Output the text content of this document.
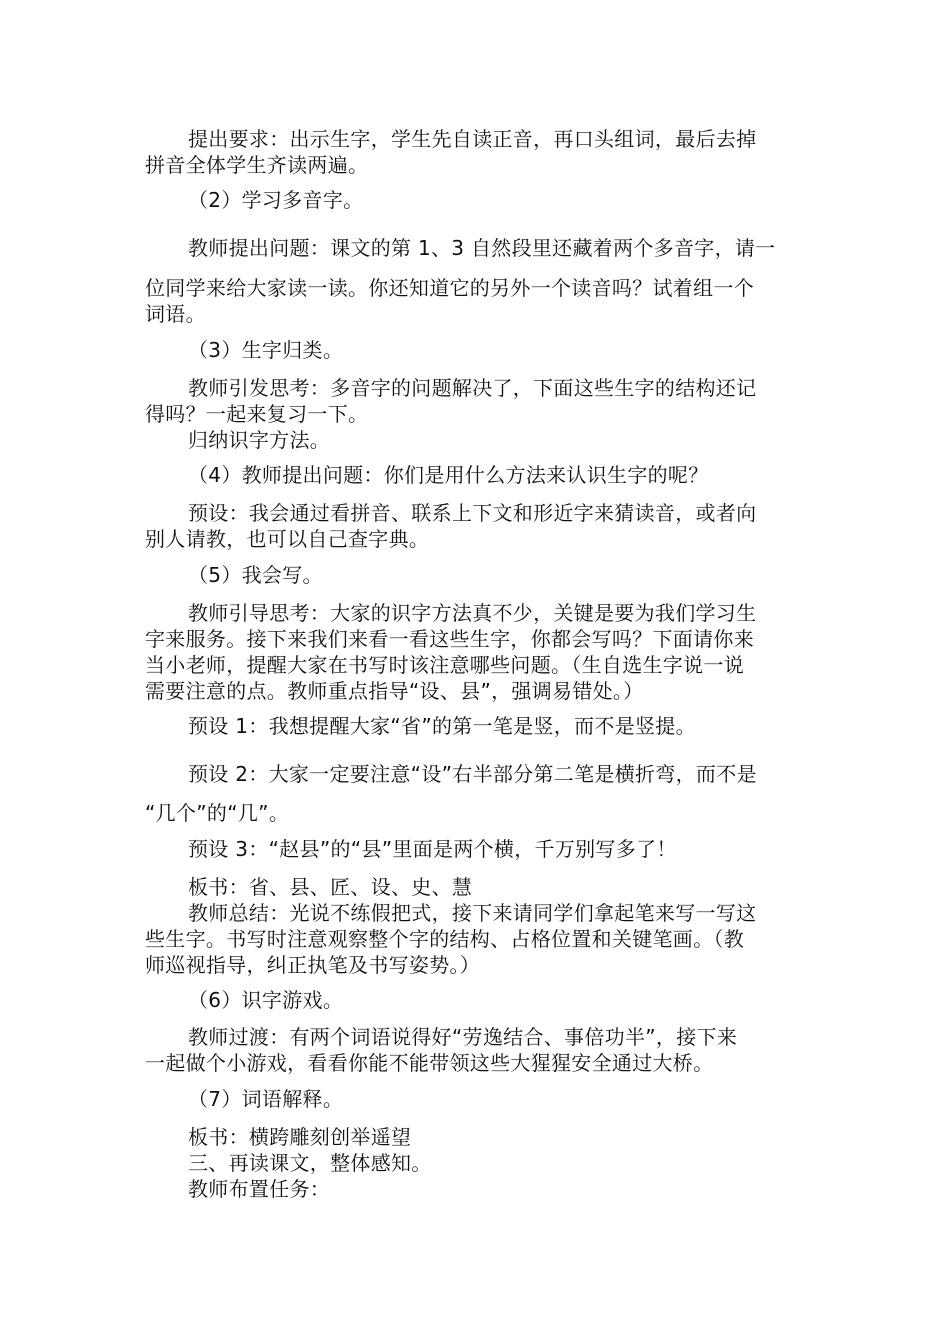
提出要求：出示生字，学生先自读正音，再口头组词，最后去掉
拼音全体学生齐读两遍。
（2）学习多音字。
教师提出问题：课文的第 1、3 自然段里还藏着两个多音字，请一
位同学来给大家读一读。你还知道它的另外一个读音吗？试着组一个
词语。
（3）生字归类。
教师引发思考：多音字的问题解决了，下面这些生字的结构还记
得吗？一起来复习一下。
归纳识字方法。
（4）教师提出问题：你们是用什么方法来认识生字的呢？
预设：我会通过看拼音、联系上下文和形近字来猜读音，或者向
别人请教，也可以自己查字典。
（5）我会写。
教师引导思考：大家的识字方法真不少，关键是要为我们学习生
字来服务。接下来我们来看一看这些生字，你都会写吗？下面请你来
当小老师，提醒大家在书写时该注意哪些问题。（生自选生字说一说
需要注意的点。教师重点指导“设、县”，强调易错处。）
预设 1：我想提醒大家“省”的第一笔是竖，而不是竖提。
预设 2：大家一定要注意“设”右半部分第二笔是横折弯，而不是
“几个”的“几”。
预设 3：“赵县”的“县”里面是两个横，千万别写多了！
板书：省、县、匠、设、史、慧
教师总结：光说不练假把式，接下来请同学们拿起笔来写一写这
些生字。书写时注意观察整个字的结构、占格位置和关键笔画。（教
师巡视指导，纠正执笔及书写姿势。）
（6）识字游戏。
教师过渡：有两个词语说得好“劳逸结合、事倍功半”，接下来
一起做个小游戏，看看你能不能带领这些大猩猩安全通过大桥。
（7）词语解释。
板书：横跨雕刻创举遥望
三、再读课文，整体感知。
教师布置任务：
